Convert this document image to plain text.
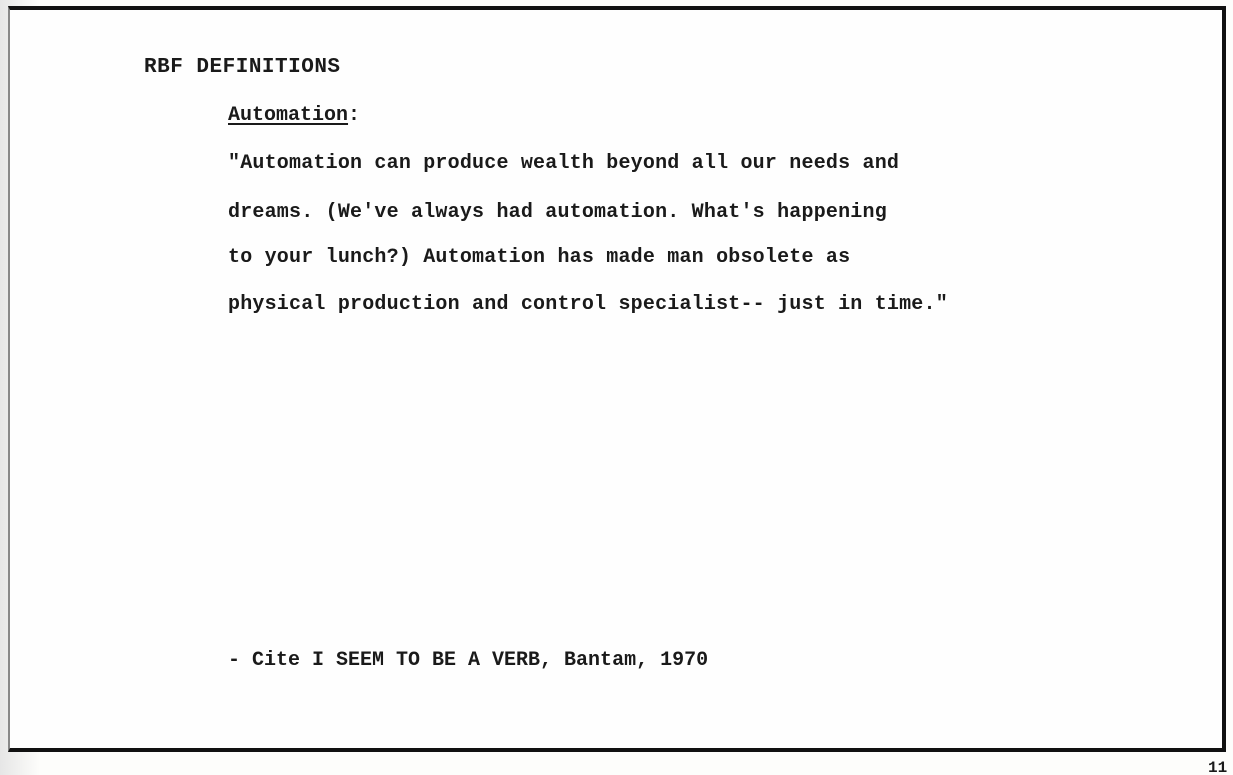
RBF DEFINITIONS
Automation:
"Automation can produce wealth beyond all our needs and
dreams. (We've always had automation. What's happening
to your lunch?) Automation has made man obsolete as
physical production and control specialist-- just in time."
- Cite I SEEM TO BE A VERB, Bantam, 1970
11
